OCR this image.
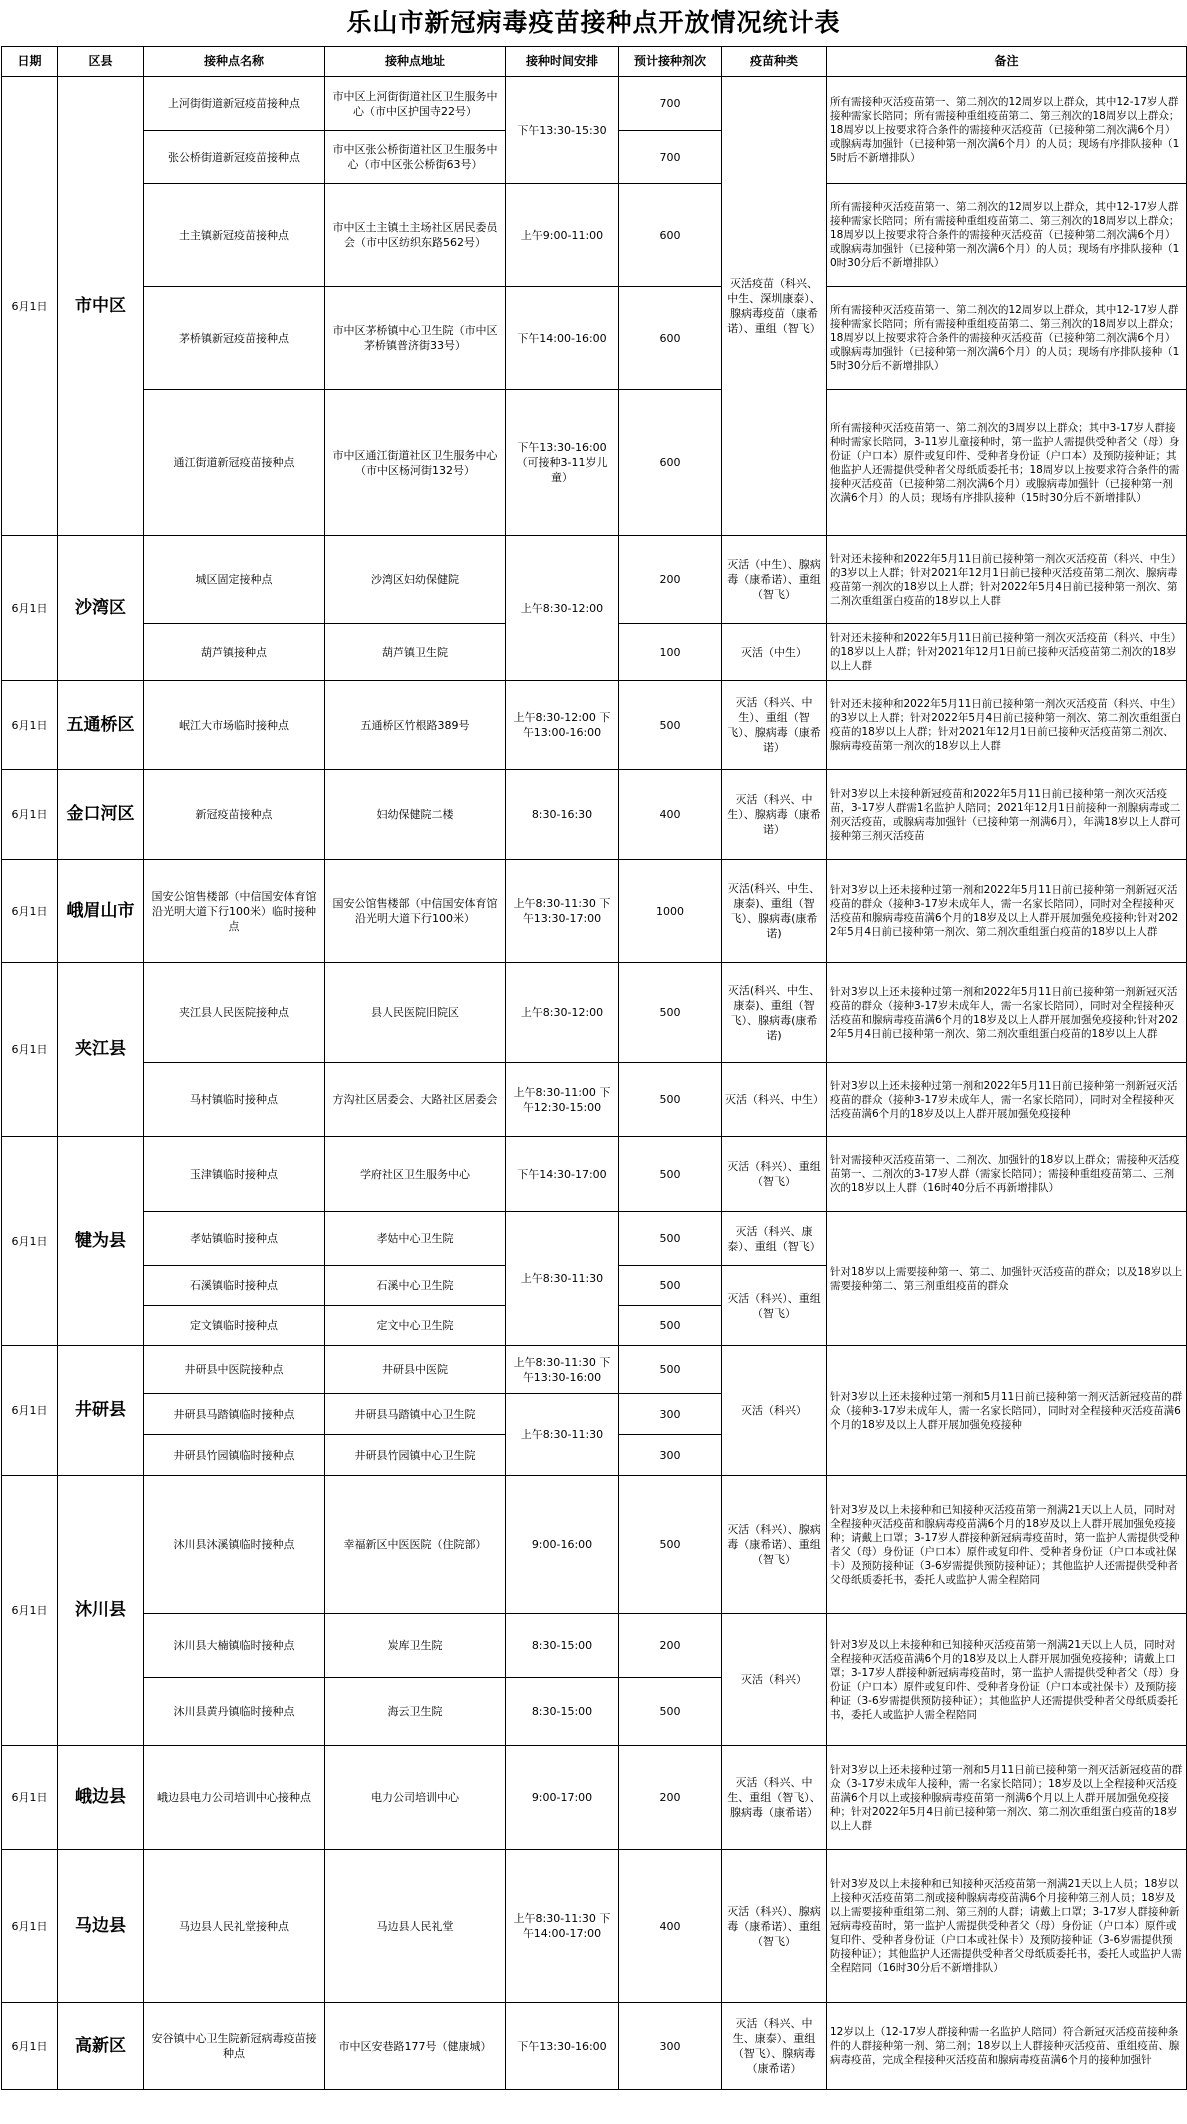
乐山市新冠病毒疫苗接种点开放情况统计表
日期	区县	接种点名称	接种点地址	接种时间安排	预计接种剂次	疫苗种类	备注
6月1日	市中区	上河街街道新冠疫苗接种点	市中区上河街街道社区卫生服务中心（市中区护国寺22号）	下午13:30-15:30	700	灭活疫苗（科兴、中生、深圳康泰）、腺病毒疫苗（康希诺）、重组（智飞）	所有需接种灭活疫苗第一、第二剂次的12周岁以上群众，其中12-17岁人群接种需家长陪同；所有需接种重组疫苗第二、第三剂次的18周岁以上群众；18周岁以上按要求符合条件的需接种灭活疫苗（已接种第二剂次满6个月）或腺病毒加强针（已接种第一剂次满6个月）的人员；现场有序排队接种（15时后不新增排队）
		张公桥街道新冠疫苗接种点	市中区张公桥街道社区卫生服务中心（市中区张公桥街63号）		700		
		土主镇新冠疫苗接种点	市中区土主镇土主场社区居民委员会（市中区纺织东路562号）	上午9:00-11:00	600		所有需接种灭活疫苗第一、第二剂次的12周岁以上群众，其中12-17岁人群接种需家长陪同；所有需接种重组疫苗第二、第三剂次的18周岁以上群众；18周岁以上按要求符合条件的需接种灭活疫苗（已接种第二剂次满6个月）或腺病毒加强针（已接种第一剂次满6个月）的人员；现场有序排队接种（10时30分后不新增排队）
		茅桥镇新冠疫苗接种点	市中区茅桥镇中心卫生院（市中区茅桥镇普济街33号）	下午14:00-16:00	600		所有需接种灭活疫苗第一、第二剂次的12周岁以上群众，其中12-17岁人群接种需家长陪同；所有需接种重组疫苗第二、第三剂次的18周岁以上群众；18周岁以上按要求符合条件的需接种灭活疫苗（已接种第二剂次满6个月）或腺病毒加强针（已接种第一剂次满6个月）的人员；现场有序排队接种（15时30分后不新增排队）
		通江街道新冠疫苗接种点	市中区通江街道社区卫生服务中心（市中区杨河街132号）	下午13:30-16:00（可接种3-11岁儿童）	600		所有需接种灭活疫苗第一、第二剂次的3周岁以上群众；其中3-17岁人群接种时需家长陪同，3-11岁儿童接种时，第一监护人需提供受种者父（母）身份证（户口本）原件或复印件、受种者身份证（户口本）及预防接种证；其他监护人还需提供受种者父母纸质委托书；18周岁以上按要求符合条件的需接种灭活疫苗（已接种第二剂次满6个月）或腺病毒加强针（已接种第一剂次满6个月）的人员；现场有序排队接种（15时30分后不新增排队）
6月1日	沙湾区	城区固定接种点	沙湾区妇幼保健院	上午8:30-12:00	200	灭活（中生）、腺病毒（康希诺）、重组（智飞）	针对还未接种和2022年5月11日前已接种第一剂次灭活疫苗（科兴、中生）的3岁以上人群；针对2021年12月1日前已接种灭活疫苗第二剂次、腺病毒疫苗第一剂次的18岁以上人群；针对2022年5月4日前已接种第一剂次、第二剂次重组蛋白疫苗的18岁以上人群
		葫芦镇接种点	葫芦镇卫生院		100	灭活（中生）	针对还未接种和2022年5月11日前已接种第一剂次灭活疫苗（科兴、中生）的18岁以上人群；针对2021年12月1日前已接种灭活疫苗第二剂次的18岁以上人群
6月1日	五通桥区	岷江大市场临时接种点	五通桥区竹根路389号	上午8:30-12:00 下午13:00-16:00	500	灭活（科兴、中生）、重组（智飞）、腺病毒（康希诺）	针对还未接种和2022年5月11日前已接种第一剂次灭活疫苗（科兴、中生）的3岁以上人群；针对2022年5月4日前已接种第一剂次、第二剂次重组蛋白疫苗的18岁以上人群；针对2021年12月1日前已接种灭活疫苗第二剂次、腺病毒疫苗第一剂次的18岁以上人群
6月1日	金口河区	新冠疫苗接种点	妇幼保健院二楼	8:30-16:30	400	灭活（科兴、中生）、腺病毒（康希诺）	针对3岁以上未接种新冠疫苗和2022年5月11日前已接种第一剂次灭活疫苗，3-17岁人群需1名监护人陪同；2021年12月1日前接种一剂腺病毒或二剂灭活疫苗，或腺病毒加强针（已接种第一剂满6月），年满18岁以上人群可接种第三剂灭活疫苗
6月1日	峨眉山市	国安公馆售楼部（中信国安体育馆沿光明大道下行100米）临时接种点	国安公馆售楼部（中信国安体育馆沿光明大道下行100米）	上午8:30-11:30 下午13:30-17:00	1000	灭活(科兴、中生、康泰)、重组（智飞）、腺病毒(康希诺)	针对3岁以上还未接种过第一剂和2022年5月11日前已接种第一剂新冠灭活疫苗的群众（接种3-17岁未成年人，需一名家长陪同），同时对全程接种灭活疫苗和腺病毒疫苗满6个月的18岁及以上人群开展加强免疫接种;针对2022年5月4日前已接种第一剂次、第二剂次重组蛋白疫苗的18岁以上人群
6月1日	夹江县	夹江县人民医院接种点	县人民医院旧院区	上午8:30-12:00	500	灭活(科兴、中生、康泰)、重组（智飞）、腺病毒(康希诺)	针对3岁以上还未接种过第一剂和2022年5月11日前已接种第一剂新冠灭活疫苗的群众（接种3-17岁未成年人，需一名家长陪同），同时对全程接种灭活疫苗和腺病毒疫苗满6个月的18岁及以上人群开展加强免疫接种;针对2022年5月4日前已接种第一剂次、第二剂次重组蛋白疫苗的18岁以上人群
		马村镇临时接种点	方沟社区居委会、大路社区居委会	上午8:30-11:00 下午12:30-15:00	500	灭活（科兴、中生）	针对3岁以上还未接种过第一剂和2022年5月11日前已接种第一剂新冠灭活疫苗的群众（接种3-17岁未成年人，需一名家长陪同），同时对全程接种灭活疫苗满6个月的18岁及以上人群开展加强免疫接种
6月1日	犍为县	玉津镇临时接种点	学府社区卫生服务中心	下午14:30-17:00	500	灭活（科兴）、重组（智飞）	针对需接种灭活疫苗第一、二剂次、加强针的18岁以上群众；需接种灭活疫苗第一、二剂次的3-17岁人群（需家长陪同）；需接种重组疫苗第二、三剂次的18岁以上人群（16时40分后不再新增排队）
		孝姑镇临时接种点	孝姑中心卫生院	上午8:30-11:30	500	灭活（科兴、康泰）、重组（智飞）	针对18岁以上需要接种第一、第二、加强针灭活疫苗的群众；以及18岁以上需要接种第二、第三剂重组疫苗的群众
		石溪镇临时接种点	石溪中心卫生院		500	灭活（科兴）、重组（智飞）	
		定文镇临时接种点	定文中心卫生院		500		
6月1日	井研县	井研县中医院接种点	井研县中医院	上午8:30-11:30 下午13:30-16:00	500	灭活（科兴）	针对3岁以上还未接种过第一剂和5月11日前已接种第一剂灭活新冠疫苗的群众（接种3-17岁未成年人，需一名家长陪同），同时对全程接种灭活疫苗满6个月的18岁及以上人群开展加强免疫接种
		井研县马踏镇临时接种点	井研县马踏镇中心卫生院	上午8:30-11:30	300		
		井研县竹园镇临时接种点	井研县竹园镇中心卫生院		300		
6月1日	沐川县	沐川县沐溪镇临时接种点	幸福新区中医医院（住院部）	9:00-16:00	500	灭活（科兴）、腺病毒（康希诺）、重组（智飞）	针对3岁及以上未接种和已知接种灭活疫苗第一剂满21天以上人员，同时对全程接种灭活疫苗和腺病毒疫苗满6个月的18岁及以上人群开展加强免疫接种；请戴上口罩；3-17岁人群接种新冠病毒疫苗时，第一监护人需提供受种者父（母）身份证（户口本）原件或复印件、受种者身份证（户口本或社保卡）及预防接种证（3-6岁需提供预防接种证）；其他监护人还需提供受种者父母纸质委托书，委托人或监护人需全程陪同
		沐川县大楠镇临时接种点	炭库卫生院	8:30-15:00	200	灭活（科兴）	针对3岁及以上未接种和已知接种灭活疫苗第一剂满21天以上人员，同时对全程接种灭活疫苗满6个月的18岁及以上人群开展加强免疫接种；请戴上口罩；3-17岁人群接种新冠病毒疫苗时，第一监护人需提供受种者父（母）身份证（户口本）原件或复印件、受种者身份证（户口本或社保卡）及预防接种证（3-6岁需提供预防接种证）；其他监护人还需提供受种者父母纸质委托书，委托人或监护人需全程陪同
		沐川县黄丹镇临时接种点	海云卫生院	8:30-15:00	500		
6月1日	峨边县	峨边县电力公司培训中心接种点	电力公司培训中心	9:00-17:00	200	灭活（科兴、中生、重组（智飞）、腺病毒（康希诺）	针对3岁以上还未接种过第一剂和5月11日前已接种第一剂灭活新冠疫苗的群众（3-17岁未成年人接种，需一名家长陪同）；18岁及以上全程接种灭活疫苗满6个月以上或接种腺病毒疫苗第一剂满6个月以上人群开展加强免疫接种；针对2022年5月4日前已接种第一剂次、第二剂次重组蛋白疫苗的18岁以上人群
6月1日	马边县	马边县人民礼堂接种点	马边县人民礼堂	上午8:30-11:30 下午14:00-17:00	400	灭活（科兴）、腺病毒（康希诺）、重组（智飞）	针对3岁及以上未接种和已知接种灭活疫苗第一剂满21天以上人员；18岁以上接种灭活疫苗第二剂或接种腺病毒疫苗满6个月接种第三剂人员；18岁及以上需要接种重组第二剂、第三剂的人群；请戴上口罩；3-17岁人群接种新冠病毒疫苗时，第一监护人需提供受种者父（母）身份证（户口本）原件或复印件、受种者身份证（户口本或社保卡）及预防接种证（3-6岁需提供预防接种证）；其他监护人还需提供受种者父母纸质委托书，委托人或监护人需全程陪同（16时30分后不新增排队）
6月1日	高新区	安谷镇中心卫生院新冠病毒疫苗接种点	市中区安巷路177号（健康城）	下午13:30-16:00	300	灭活（科兴、中生、康泰）、重组（智飞）、腺病毒（康希诺）	12岁以上（12-17岁人群接种需一名监护人陪同）符合新冠灭活疫苗接种条件的人群接种第一剂、第二剂；18岁以上人群接种灭活疫苗、重组疫苗、腺病毒疫苗，完成全程接种灭活疫苗和腺病毒疫苗满6个月的接种加强针
